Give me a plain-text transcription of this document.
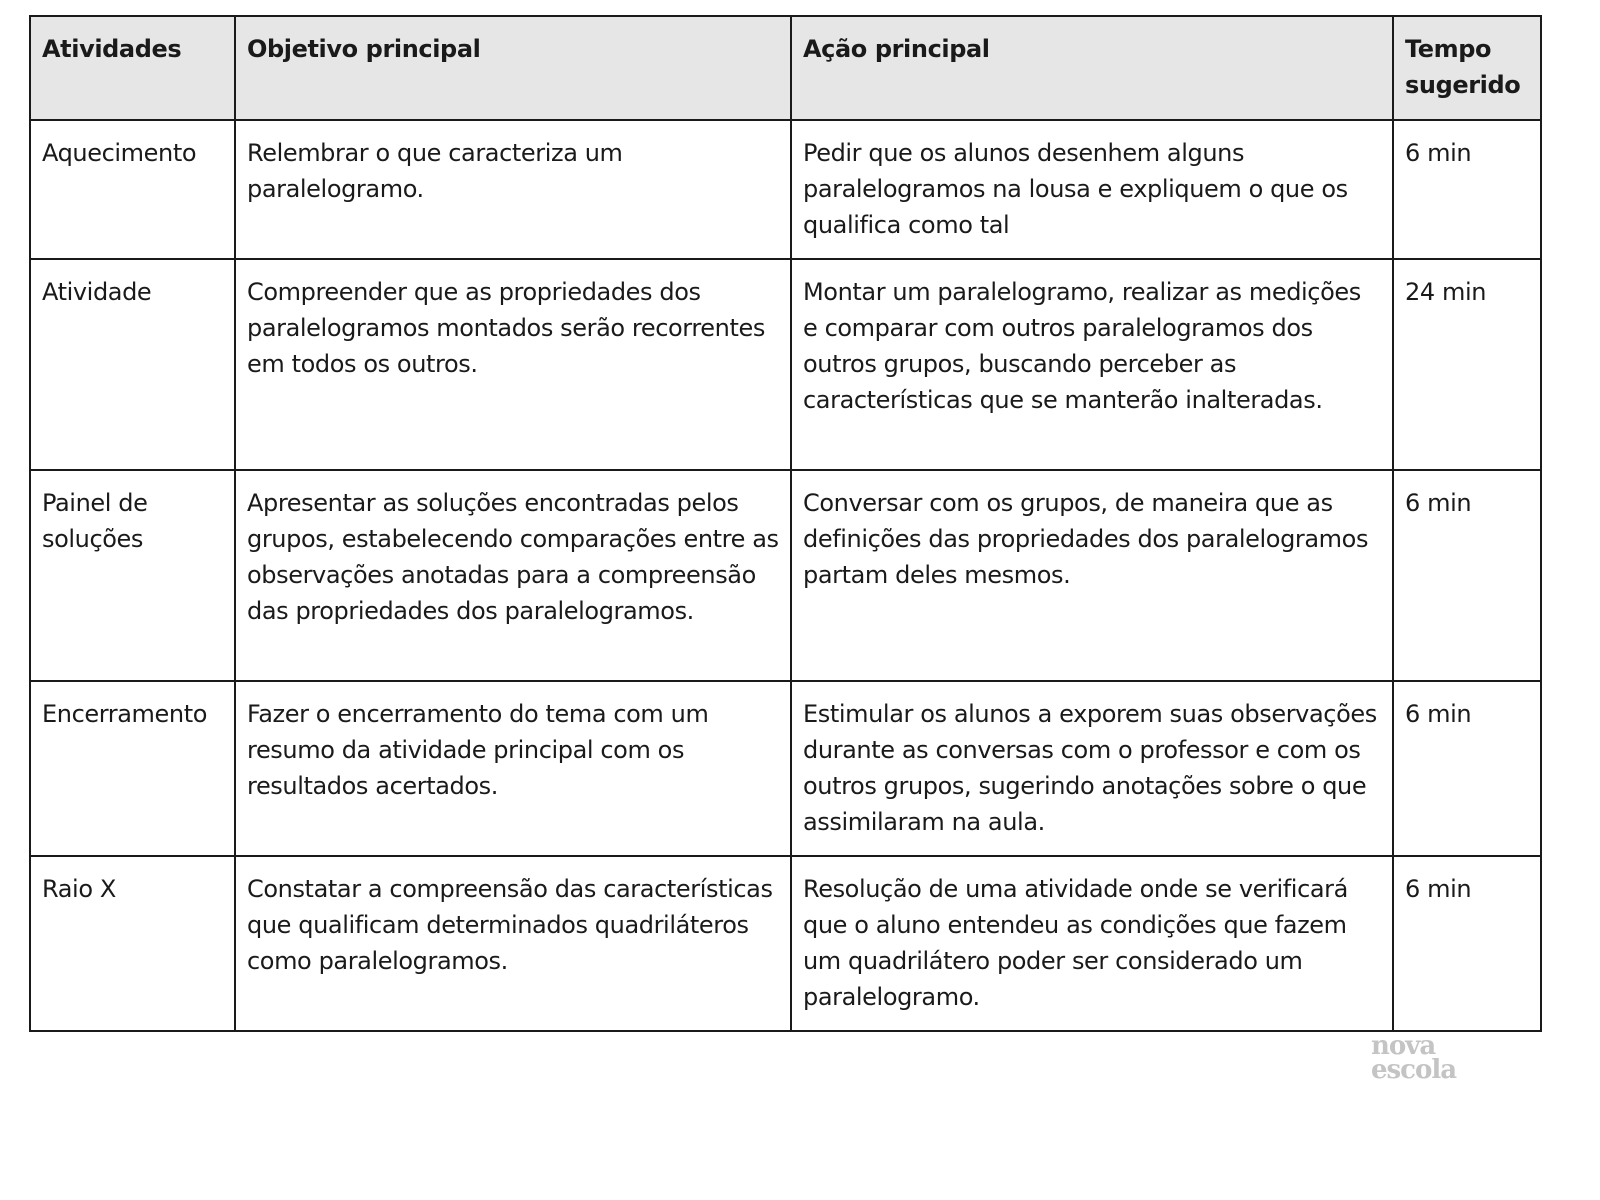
Atividades	Objetivo principal	Ação principal	Tempo sugerido
Aquecimento	Relembrar o que caracteriza um paralelogramo.	Pedir que os alunos desenhem alguns paralelogramos na lousa e expliquem o que os qualifica como tal	6 min
Atividade	Compreender que as propriedades dos paralelogramos montados serão recorrentes em todos os outros.	Montar um paralelogramo, realizar as medições e comparar com outros paralelogramos dos outros grupos, buscando perceber as características que se manterão inalteradas.	24 min
Painel de soluções	Apresentar as soluções encontradas pelos grupos, estabelecendo comparações entre as observações anotadas para a compreensão das propriedades dos paralelogramos.	Conversar com os grupos, de maneira que as definições das propriedades dos paralelogramos partam deles mesmos.	6 min
Encerramento	Fazer o encerramento do tema com um resumo da atividade principal com os resultados acertados.	Estimular os alunos a exporem suas observações durante as conversas com o professor e com os outros grupos, sugerindo anotações sobre o que assimilaram na aula.	6 min
Raio X	Constatar a compreensão das características que qualificam determinados quadriláteros como paralelogramos.	Resolução de uma atividade onde se verificará que o aluno entendeu as condições que fazem um quadrilátero poder ser considerado um paralelogramo.	6 min
nova
escola
